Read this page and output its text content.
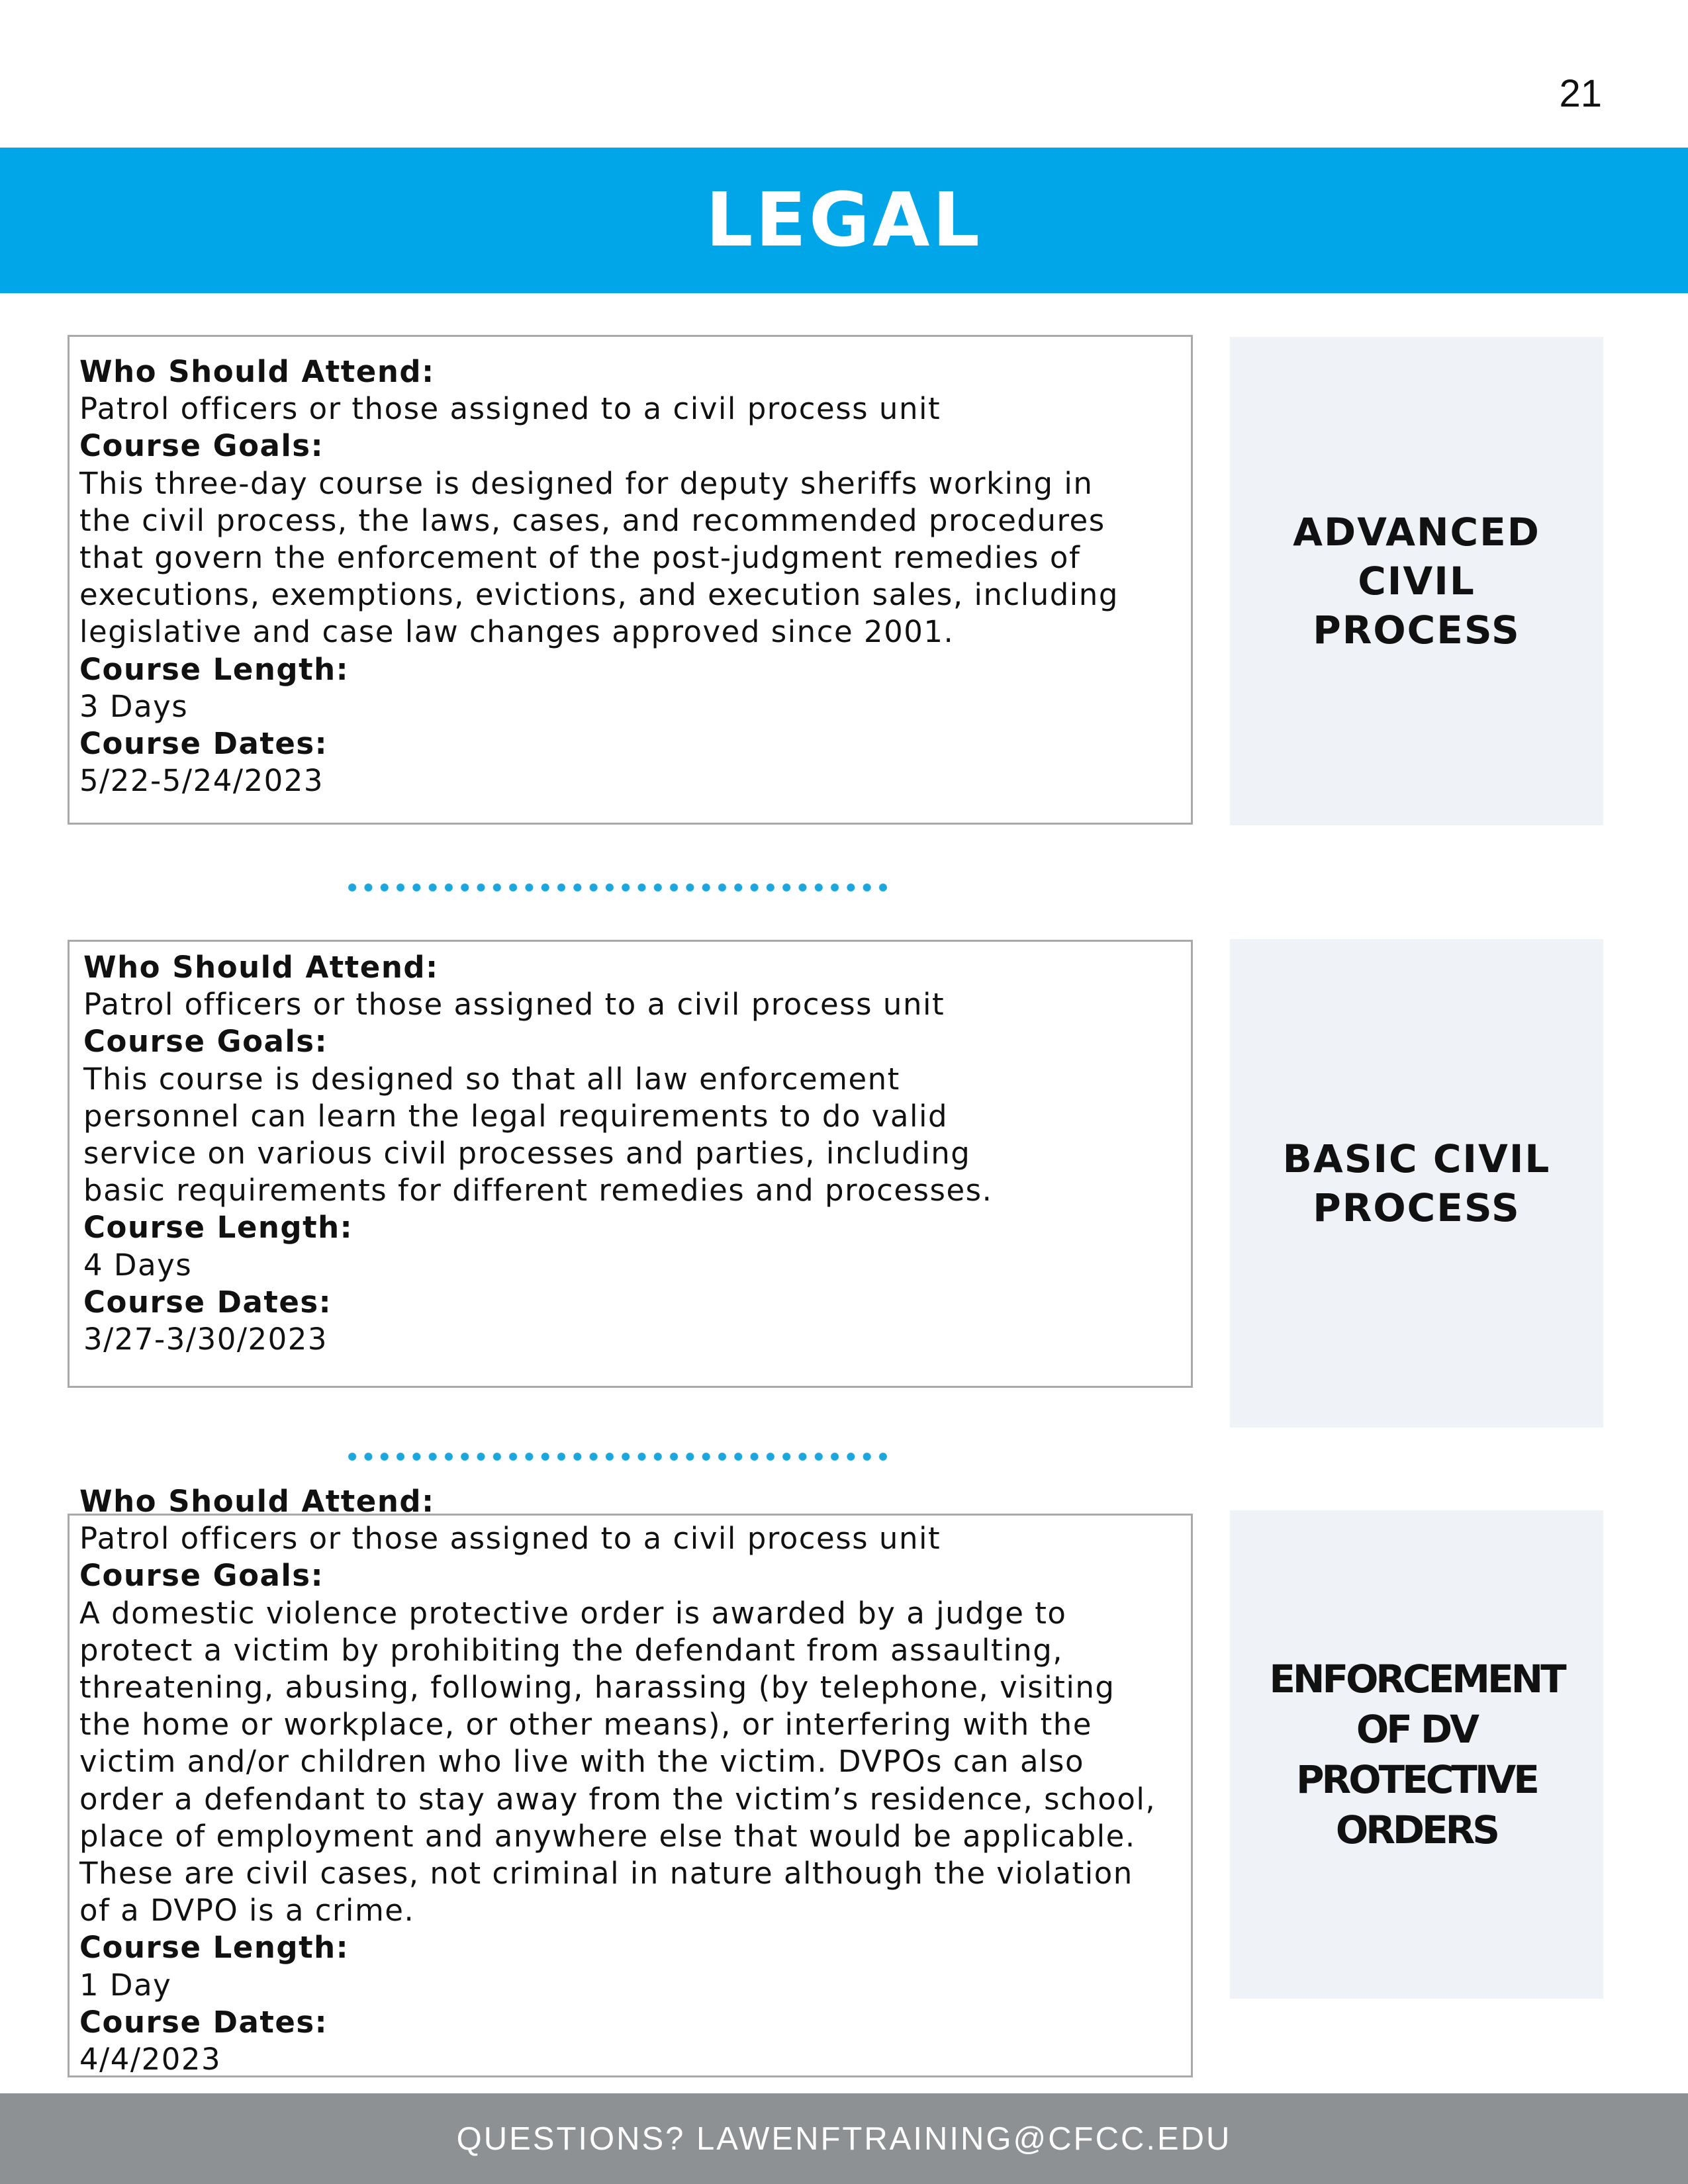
21
LEGAL
Who Should Attend:
Patrol officers or those assigned to a civil process unit
Course Goals:
This three-day course is designed for deputy sheriffs working in
the civil process, the laws, cases, and recommended procedures
that govern the enforcement of the post-judgment remedies of
executions, exemptions, evictions, and execution sales, including
legislative and case law changes approved since 2001.
Course Length:
3 Days
Course Dates:
5/22-5/24/2023
ADVANCED
CIVIL
PROCESS
Who Should Attend:
Patrol officers or those assigned to a civil process unit
Course Goals:
This course is designed so that all law enforcement
personnel can learn the legal requirements to do valid
service on various civil processes and parties, including
basic requirements for different remedies and processes.
Course Length:
4 Days
Course Dates:
3/27-3/30/2023
BASIC CIVIL
PROCESS
Who Should Attend:
Patrol officers or those assigned to a civil process unit
Course Goals:
A domestic violence protective order is awarded by a judge to
protect a victim by prohibiting the defendant from assaulting,
threatening, abusing, following, harassing (by telephone, visiting
the home or workplace, or other means), or interfering with the
victim and/or children who live with the victim. DVPOs can also
order a defendant to stay away from the victim’s residence, school,
place of employment and anywhere else that would be applicable.
These are civil cases, not criminal in nature although the violation
of a DVPO is a crime.
Course Length:
1 Day
Course Dates:
4/4/2023
ENFORCEMENT
OF DV
PROTECTIVE
ORDERS
QUESTIONS? LAWENFTRAINING@CFCC.EDU
